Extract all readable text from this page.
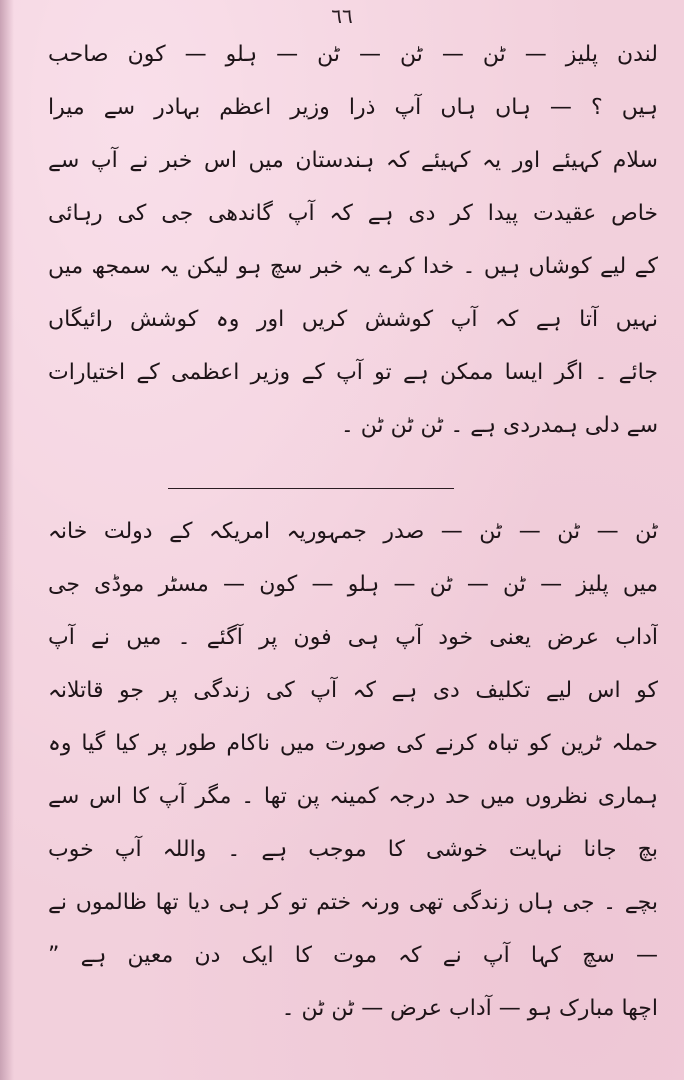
٦٦
لندن پلیز — ٹن — ٹن — ٹن — ہلو — کون صاحب
ہیں ؟ — ہاں ہاں آپ ذرا وزیر اعظم بہادر سے میرا
سلام کہیئے اور یہ کہیئے کہ ہندستان میں اس خبر نے آپ سے
خاص عقیدت پیدا کر دی ہے کہ آپ گاندھی جی کی رہائی
کے لیے کوشاں ہیں ۔ خدا کرے یہ خبر سچ ہو لیکن یہ سمجھ میں
نہیں آتا ہے کہ آپ کوشش کریں اور وہ کوشش رائیگاں
جائے ۔ اگر ایسا ممکن ہے تو آپ کے وزیر اعظمی کے اختیارات
سے دلی ہمدردی ہے ۔ ٹن ٹن ٹن ۔
ٹن — ٹن — ٹن — صدر جمہوریہ امریکہ کے دولت خانہ
میں پلیز — ٹن — ٹن — ہلو — کون — مسٹر موڈی جی
آداب عرض یعنی خود آپ ہی فون پر آگئے ۔ میں نے آپ
کو اس لیے تکلیف دی ہے کہ آپ کی زندگی پر جو قاتلانہ
حملہ ٹرین کو تباہ کرنے کی صورت میں ناکام طور پر کیا گیا وہ
ہماری نظروں میں حد درجہ کمینہ پن تھا ۔ مگر آپ کا اس سے
بچ جانا نہایت خوشی کا موجب ہے ۔ واللہ آپ خوب
بچے ۔ جی ہاں زندگی تھی ورنہ ختم تو کر ہی دیا تھا ظالموں نے
— سچ کہا آپ نے کہ موت کا ایک دن معین ہے ”
اچھا مبارک ہو — آداب عرض — ٹن ٹن ۔
